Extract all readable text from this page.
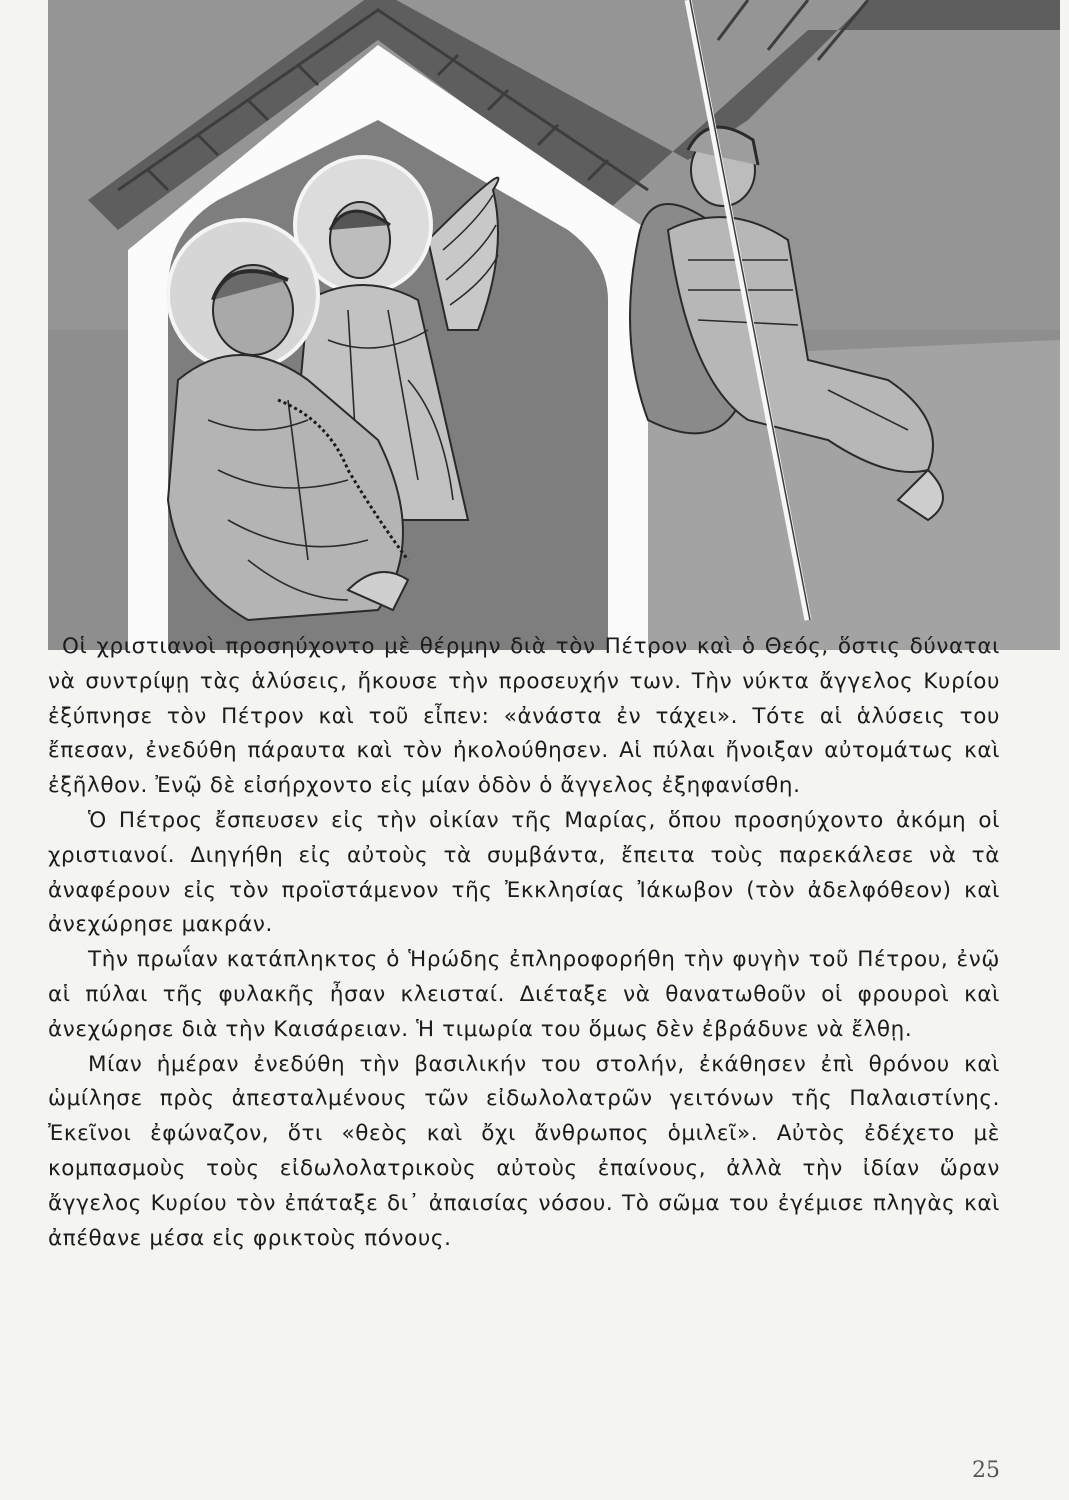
Οἱ χριστιανοὶ προσηύχοντο μὲ θέρμην διὰ τὸν Πέτρον καὶ ὁ Θεός, ὅστις δύναται νὰ συντρίψῃ τὰς ἁλύσεις, ἤκουσε τὴν προσευχήν των. Τὴν νύκτα ἄγγελος Κυρίου ἐξύπνησε τὸν Πέτρον καὶ τοῦ εἶπεν: «ἀνάστα ἐν τάχει». Τότε αἱ ἁλύσεις του ἔπεσαν, ἐνεδύθη πάραυτα καὶ τὸν ἠκολούθησεν. Αἱ πύλαι ἤνοιξαν αὐτομάτως καὶ ἐξῆλθον. Ἐνῷ δὲ εἰσήρχοντο εἰς μίαν ὁδὸν ὁ ἄγγελος ἐξηφανίσθη.

Ὁ Πέτρος ἔσπευσεν εἰς τὴν οἰκίαν τῆς Μαρίας, ὅπου προσηύχοντο ἀκόμη οἱ χριστιανοί. Διηγήθη εἰς αὐτοὺς τὰ συμβάντα, ἔπειτα τοὺς παρεκάλεσε νὰ τὰ ἀναφέρουν εἰς τὸν προϊστάμενον τῆς Ἐκκλησίας Ἰάκωβον (τὸν ἀδελφόθεον) καὶ ἀνεχώρησε μακράν.

Τὴν πρωΐαν κατάπληκτος ὁ Ἡρώδης ἐπληροφορήθη τὴν φυγὴν τοῦ Πέτρου, ἐνῷ αἱ πύλαι τῆς φυλακῆς ἦσαν κλεισταί. Διέταξε νὰ θανατωθοῦν οἱ φρουροὶ καὶ ἀνεχώρησε διὰ τὴν Καισάρειαν. Ἡ τιμωρία του ὅμως δὲν ἐβράδυνε νὰ ἔλθῃ.

Μίαν ἡμέραν ἐνεδύθη τὴν βασιλικήν του στολήν, ἐκάθησεν ἐπὶ θρόνου καὶ ὡμίλησε πρὸς ἀπεσταλμένους τῶν εἰδωλολατρῶν γειτόνων τῆς Παλαιστίνης. Ἐκεῖνοι ἐφώναζον, ὅτι «θεὸς καὶ ὄχι ἄνθρωπος ὁμιλεῖ». Αὐτὸς ἐδέχετο μὲ κομπασμοὺς τοὺς εἰδωλολατρικοὺς αὐτοὺς ἐπαίνους, ἀλλὰ τὴν ἰδίαν ὥραν ἄγγελος Κυρίου τὸν ἐπάταξε δι᾽ ἀπαισίας νόσου. Τὸ σῶμα του ἐγέμισε πληγὰς καὶ ἀπέθανε μέσα εἰς φρικτοὺς πόνους.

25
